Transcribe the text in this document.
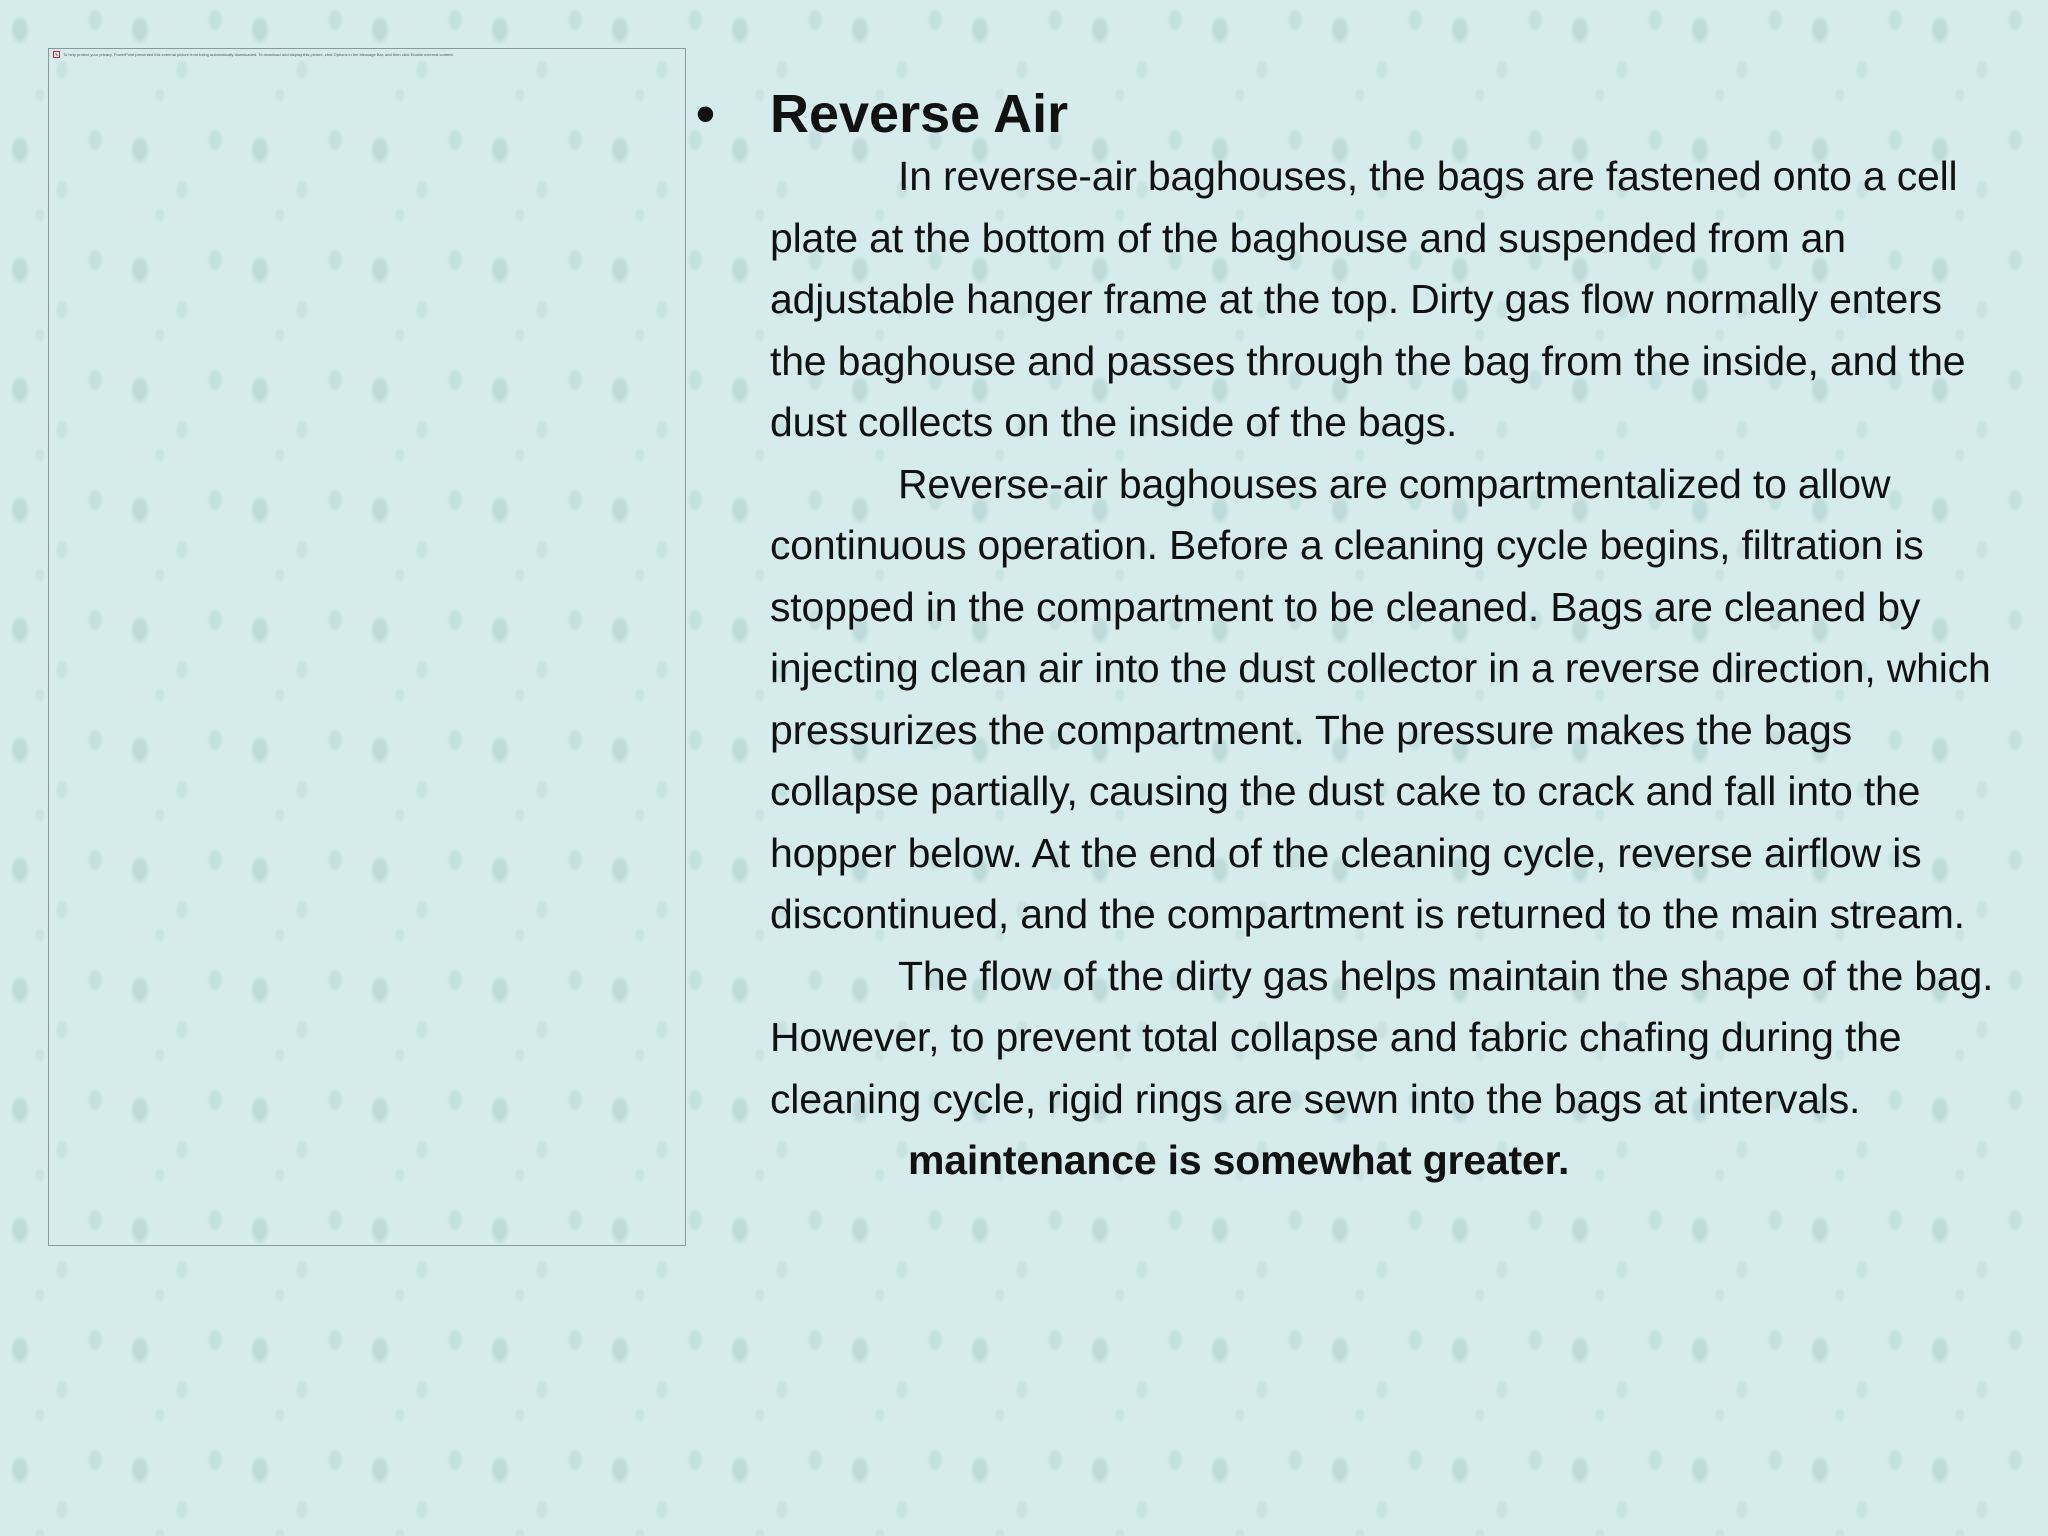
To help protect your privacy, PowerPoint prevented this external picture from being automatically downloaded. To download and display this picture, click Options in the Message Bar, and then click Enable external content.
• Reverse Air

In reverse-air baghouses, the bags are fastened onto a cell plate at the bottom of the baghouse and suspended from an adjustable hanger frame at the top. Dirty gas flow normally enters the baghouse and passes through the bag from the inside, and the dust collects on the inside of the bags.

Reverse-air baghouses are compartmentalized to allow continuous operation. Before a cleaning cycle begins, filtration is stopped in the compartment to be cleaned. Bags are cleaned by injecting clean air into the dust collector in a reverse direction, which pressurizes the compartment. The pressure makes the bags collapse partially, causing the dust cake to crack and fall into the hopper below. At the end of the cleaning cycle, reverse airflow is discontinued, and the compartment is returned to the main stream.

The flow of the dirty gas helps maintain the shape of the bag. However, to prevent total collapse and fabric chafing during the cleaning cycle, rigid rings are sewn into the bags at intervals.

maintenance is somewhat greater.
